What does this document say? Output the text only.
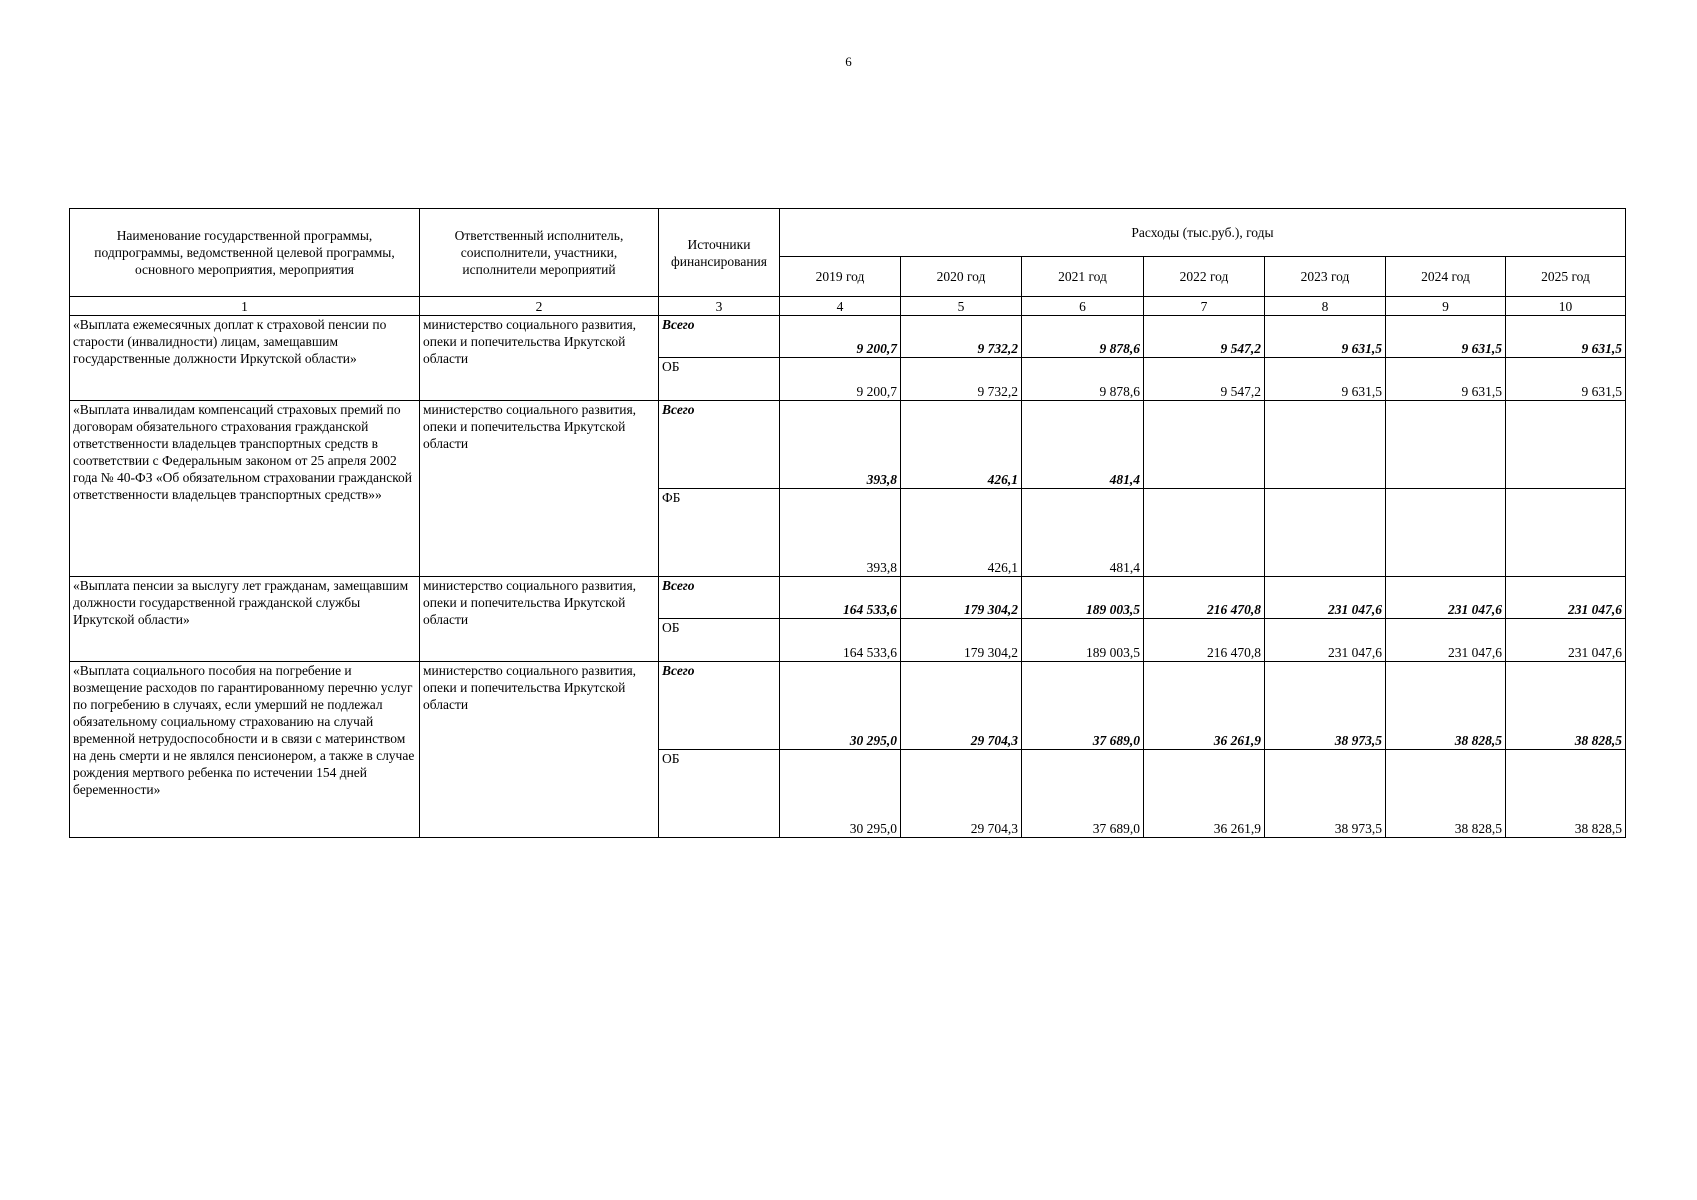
6
Наименование государственной программы, подпрограммы, ведомственной целевой программы, основного мероприятия, мероприятия	Ответственный исполнитель, соисполнители, участники, исполнители мероприятий	Источники финансирования	Расходы (тыс.руб.), годы						
			2019 год	2020 год	2021 год	2022 год	2023 год	2024 год	2025 год
1	2	3	4	5	6	7	8	9	10
«Выплата ежемесячных доплат к страховой пенсии по старости (инвалидности) лицам, замещавшим государственные должности Иркутской области»	министерство социального развития, опеки и попечительства Иркутской области	Всего	9 200,7	9 732,2	9 878,6	9 547,2	9 631,5	9 631,5	9 631,5
		ОБ	9 200,7	9 732,2	9 878,6	9 547,2	9 631,5	9 631,5	9 631,5
«Выплата инвалидам компенсаций страховых премий по договорам обязательного страхования гражданской ответственности владельцев транспортных средств в соответствии с Федеральным законом от 25 апреля 2002 года № 40-ФЗ «Об обязательном страховании гражданской ответственности владельцев транспортных средств»»	министерство социального развития, опеки и попечительства Иркутской области	Всего	393,8	426,1	481,4				
		ФБ	393,8	426,1	481,4				
«Выплата пенсии за выслугу лет гражданам, замещавшим должности государственной гражданской службы Иркутской области»	министерство социального развития, опеки и попечительства Иркутской области	Всего	164 533,6	179 304,2	189 003,5	216 470,8	231 047,6	231 047,6	231 047,6
		ОБ	164 533,6	179 304,2	189 003,5	216 470,8	231 047,6	231 047,6	231 047,6
«Выплата социального пособия на погребение и возмещение расходов по гарантированному перечню услуг по погребению в случаях, если умерший не подлежал обязательному социальному страхованию на случай временной нетрудоспособности и в связи с материнством на день смерти и не являлся пенсионером, а также в случае рождения мертвого ребенка по истечении 154 дней беременности»	министерство социального развития, опеки и попечительства Иркутской области	Всего	30 295,0	29 704,3	37 689,0	36 261,9	38 973,5	38 828,5	38 828,5
		ОБ	30 295,0	29 704,3	37 689,0	36 261,9	38 973,5	38 828,5	38 828,5
